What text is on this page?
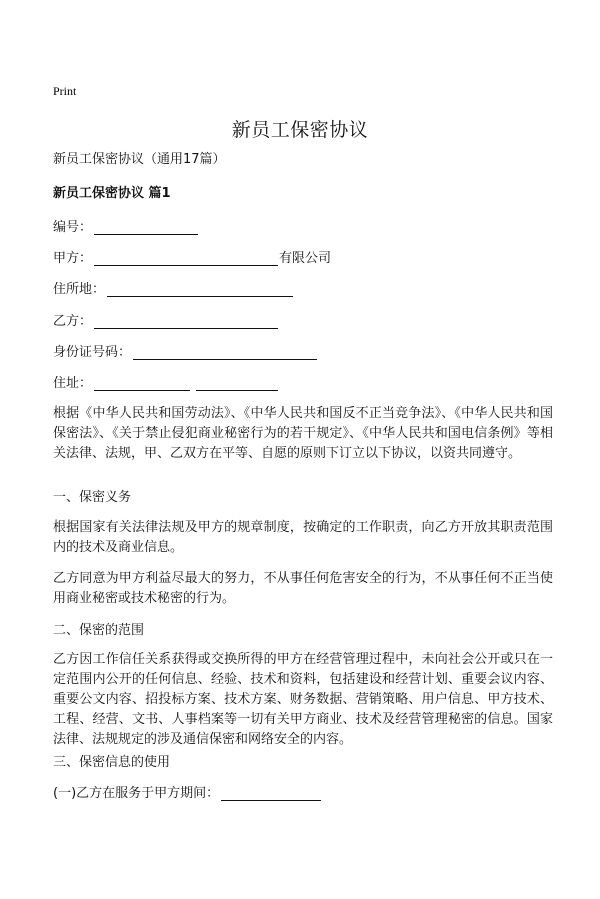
Print
新员工保密协议
新员工保密协议（通用17篇）
新员工保密协议 篇1
编号：
甲方：	有限公司
住所地：
乙方：
身份证号码：
住址：
根据《中华人民共和国劳动法》、《中华人民共和国反不正当竞争法》、《中华人民共和国保密法》、《关于禁止侵犯商业秘密行为的若干规定》、《中华人民共和国电信条例》等相关法律、法规，甲、乙双方在平等、自愿的原则下订立以下协议，以资共同遵守。
一、保密义务
根据国家有关法律法规及甲方的规章制度，按确定的工作职责，向乙方开放其职责范围内的技术及商业信息。
乙方同意为甲方利益尽最大的努力，不从事任何危害安全的行为，不从事任何不正当使用商业秘密或技术秘密的行为。
二、保密的范围
乙方因工作信任关系获得或交换所得的甲方在经营管理过程中，未向社会公开或只在一定范围内公开的任何信息、经验、技术和资料，包括建设和经营计划、重要会议内容、重要公文内容、招投标方案、技术方案、财务数据、营销策略、用户信息、甲方技术、工程、经营、文书、人事档案等一切有关甲方商业、技术及经营管理秘密的信息。国家法律、法规规定的涉及通信保密和网络安全的内容。
三、保密信息的使用
(一)乙方在服务于甲方期间：
